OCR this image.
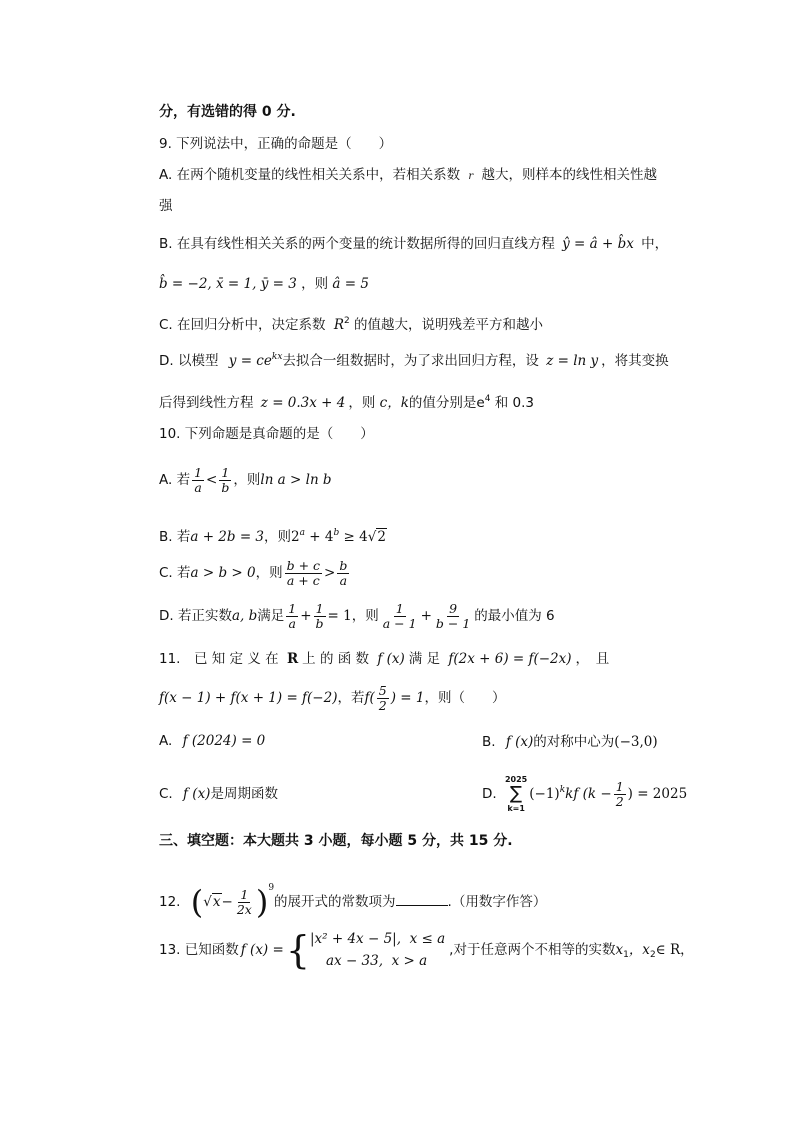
分，有选错的得 0 分.
9. 下列说法中，正确的命题是（　　）
A. 在两个随机变量的线性相关关系中，若相关系数 r 越大，则样本的线性相关性越
强
B. 在具有线性相关关系的两个变量的统计数据所得的回归直线方程 ŷ = â + b̂x 中，
b̂ = −2, x̄ = 1, ȳ = 3 ，则 â = 5
C. 在回归分析中，决定系数 $R^2$ 的值越大，说明残差平方和越小
D. 以模型 $y = ce^{kx}$去拟合一组数据时，为了求出回归方程，设 z = ln y ，将其变换
后得到线性方程 z = 0.3x + 4 ，则 c，k的值分别是$e^4$ 和 0.3
10. 下列命题是真命题的是（　　）
A. 若 $\frac{1}{a} < \frac{1}{b}$ ，则ln a > ln b
B. 若a + 2b = 3，则$2^a + 4^b \ge 4√2$
C. 若a > b > 0，则 $\frac{b + c}{a + c} > \frac{b}{a}$
D. 若正实数a, b满足 $\frac{1}{a} + \frac{1}{b} = 1$，则 $\frac{1}{a - 1} + \frac{9}{b - 1}$ 的最小值为 6
11.　已 知 定 义 在 R 上 的 函 数 f (x) 满 足 f(2x + 6) = f(−2x) ，　且
f(x − 1) + f(x + 1) = f(−2)，若$f( \frac{5}{2}$ ) = 1，则（　　）
A. f (2024) = 0	B. f (x)的对称中心为(−3,0)
C. f (x)是周期函数	D.
2025
∑
k=1
$(-1)^kkf$ ($k - \frac{1}{2}$ ) = 2025
三、填空题：本大题共 3 小题，每小题 5 分，共 15 分.
12. $(√x- \frac{1}{2x} )^9$的展开式的常数项为	.（用数字作答）
13. 已知函数 f (x) ={ |x² + 4x − 5|, x ≤ a
ax − 33, x > a
,对于任意两个不相等的实数$x_1$，$x_2\in$ R，
